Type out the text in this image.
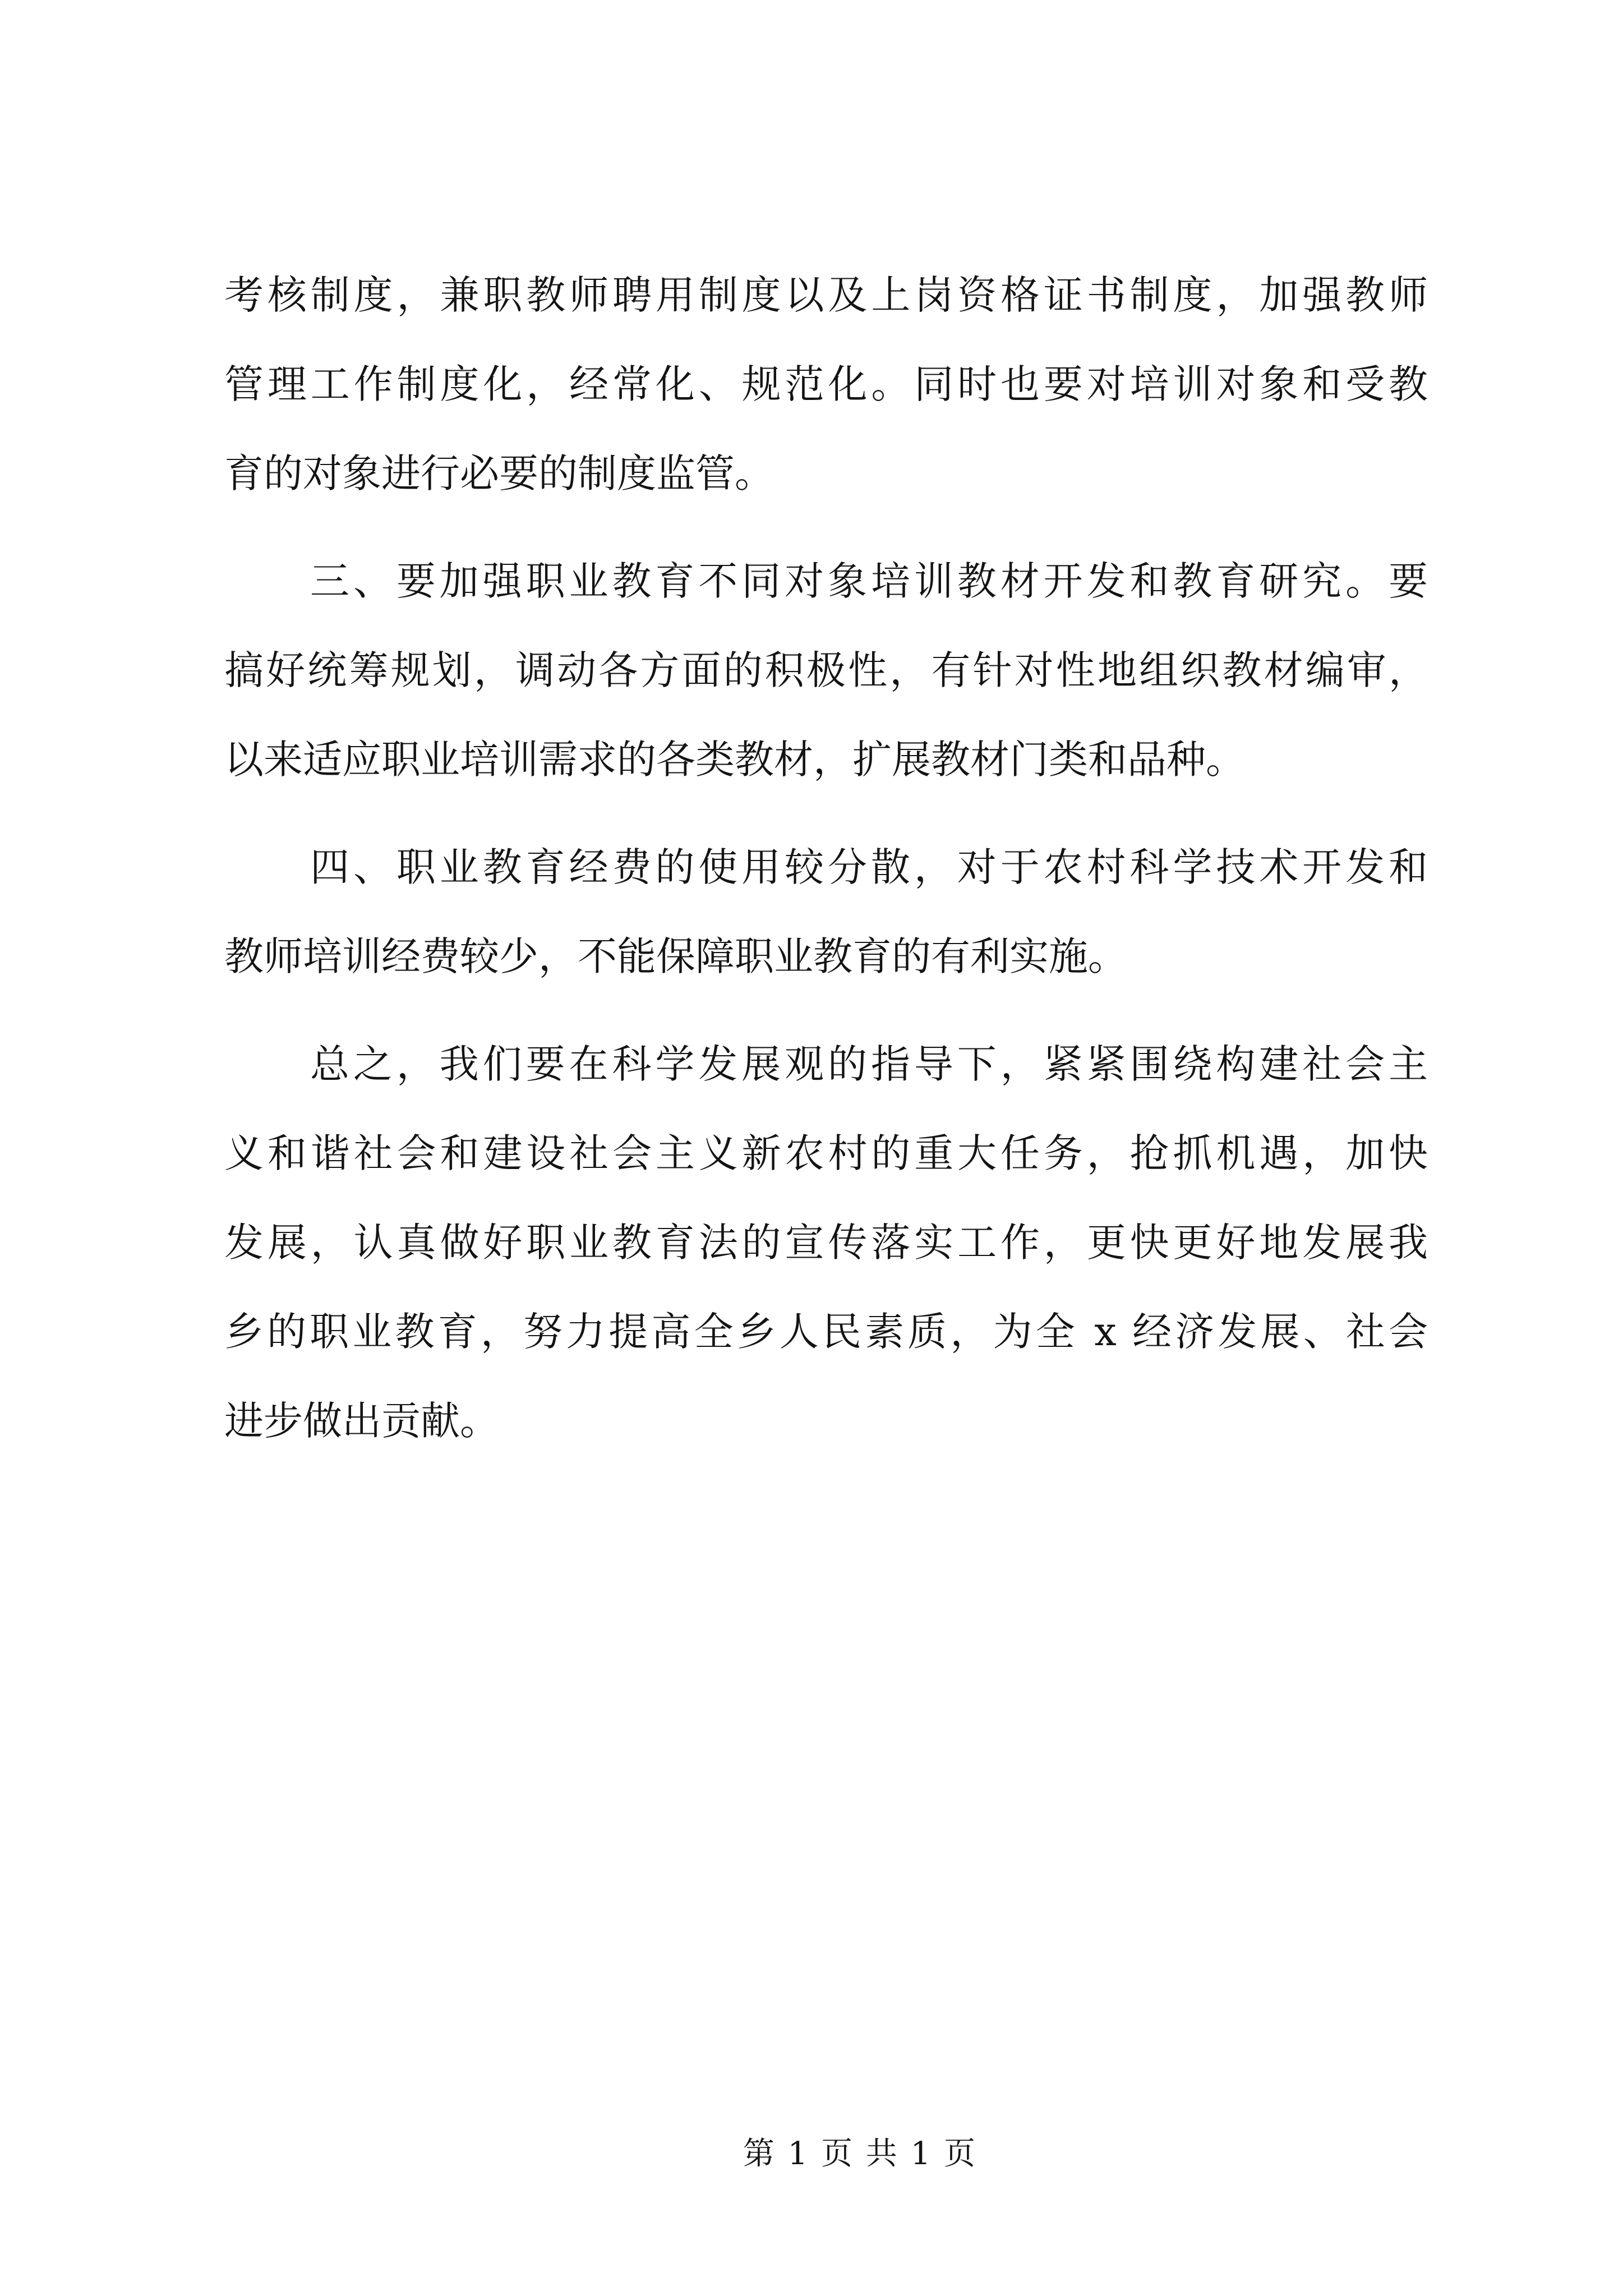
考核制度，兼职教师聘用制度以及上岗资格证书制度，加强教师
管理工作制度化，经常化、规范化。同时也要对培训对象和受教
育的对象进行必要的制度监管。
三、要加强职业教育不同对象培训教材开发和教育研究。要
搞好统筹规划，调动各方面的积极性，有针对性地组织教材编审，
以来适应职业培训需求的各类教材，扩展教材门类和品种。
四、职业教育经费的使用较分散，对于农村科学技术开发和
教师培训经费较少，不能保障职业教育的有利实施。
总之，我们要在科学发展观的指导下，紧紧围绕构建社会主
义和谐社会和建设社会主义新农村的重大任务，抢抓机遇，加快
发展，认真做好职业教育法的宣传落实工作，更快更好地发展我
乡的职业教育，努力提高全乡人民素质，为全 x 经济发展、社会
进步做出贡献。
第 1 页 共 1 页
